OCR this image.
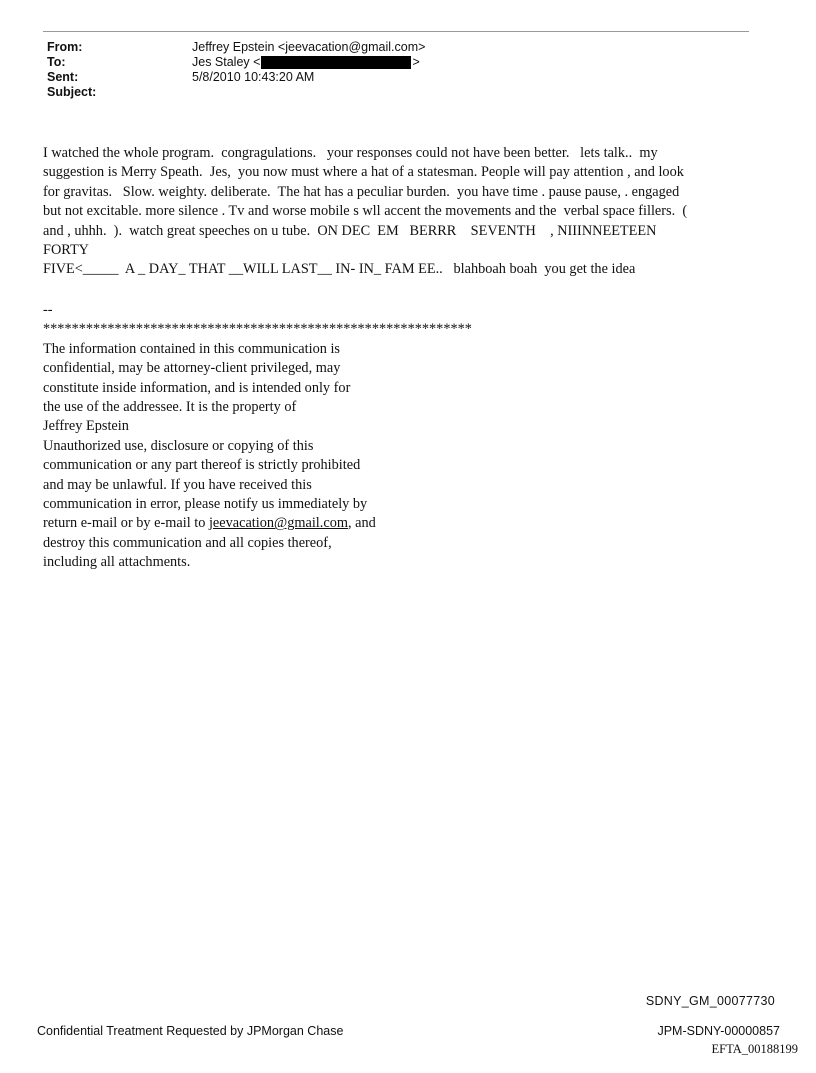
From:	Jeffrey Epstein <jeevacation@gmail.com>
To:	Jes Staley <	>
Sent:	5/8/2010 10:43:20 AM
Subject:

I watched the whole program.  congragulations.   your responses could not have been better.   lets talk..  my

suggestion is Merry Speath.  Jes,  you now must where a hat of a statesman. People will pay attention , and look

for gravitas.   Slow. weighty. deliberate.  The hat has a peculiar burden.  you have time . pause pause, . engaged

but not excitable. more silence . Tv and worse mobile s wll accent the movements and the  verbal space fillers.  (

and , uhhh.  ).  watch great speeches on u tube.  ON DEC  EM   BERRR    SEVENTH    , NIIINNEETEEN

FORTY

FIVE<_____  A _ DAY_ THAT __WILL LAST__ IN- IN_ FAM EE..   blahboah boah  you get the idea

--

************************************************************

The information contained in this communication is

confidential, may be attorney-client privileged, may

constitute inside information, and is intended only for

the use of the addressee. It is the property of

Jeffrey Epstein

Unauthorized use, disclosure or copying of this

communication or any part thereof is strictly prohibited

and may be unlawful. If you have received this

communication in error, please notify us immediately by

return e-mail or by e-mail to jeevacation@gmail.com, and

destroy this communication and all copies thereof,

including all attachments.

SDNY_GM_00077730
Confidential Treatment Requested by JPMorgan Chase	JPM-SDNY-00000857
EFTA_00188199
